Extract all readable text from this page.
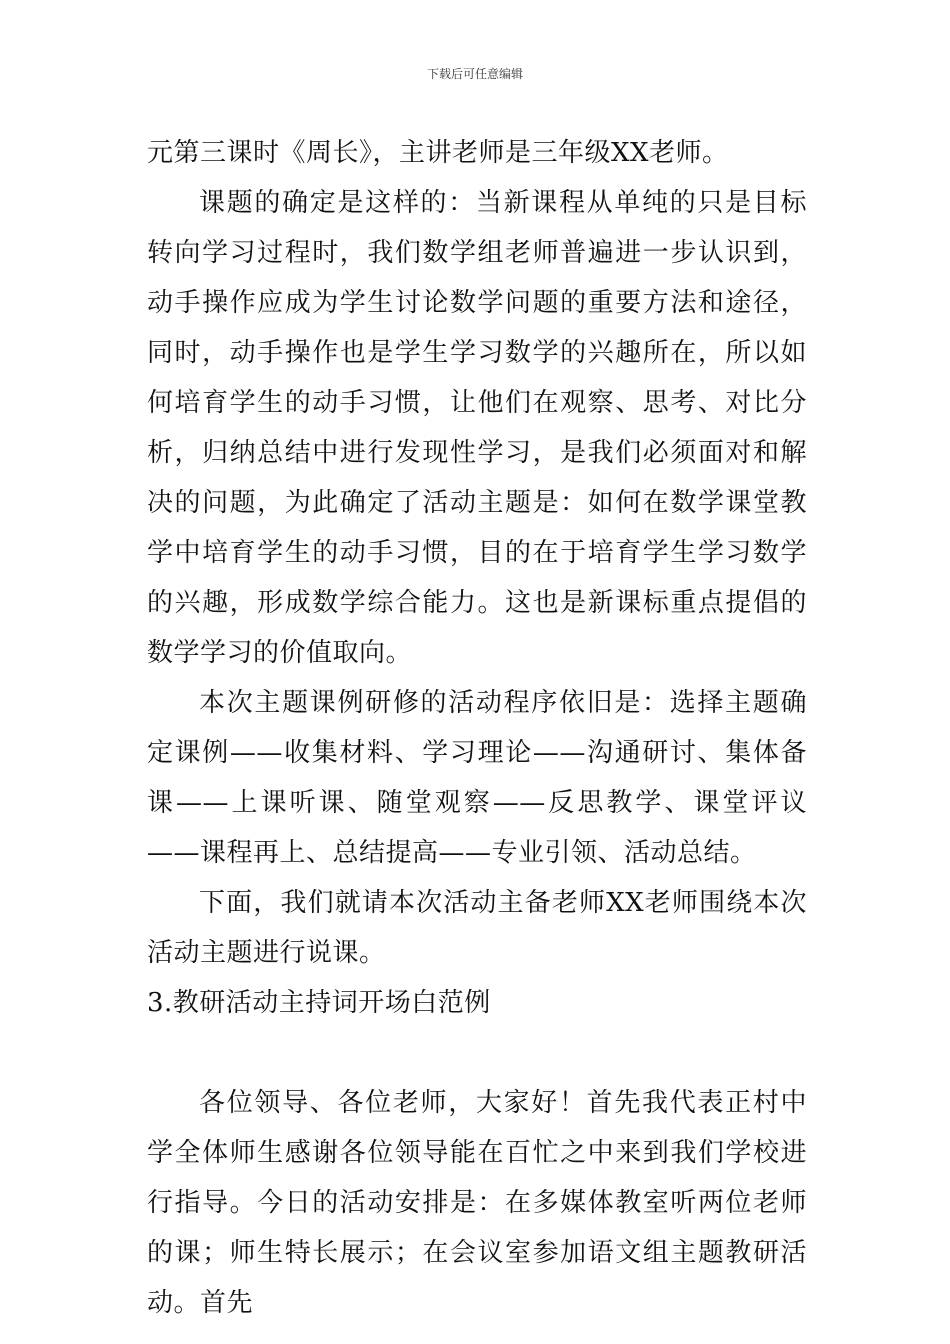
下载后可任意编辑

元第三课时《周长》，主讲老师是三年级XX老师。

课题的确定是这样的：当新课程从单纯的只是目标转向学习过程时，我们数学组老师普遍进一步认识到，动手操作应成为学生讨论数学问题的重要方法和途径，同时，动手操作也是学生学习数学的兴趣所在，所以如何培育学生的动手习惯，让他们在观察、思考、对比分析，归纳总结中进行发现性学习，是我们必须面对和解决的问题，为此确定了活动主题是：如何在数学课堂教学中培育学生的动手习惯，目的在于培育学生学习数学的兴趣，形成数学综合能力。这也是新课标重点提倡的数学学习的价值取向。

本次主题课例研修的活动程序依旧是：选择主题确定课例——收集材料、学习理论——沟通研讨、集体备课——上课听课、随堂观察——反思教学、课堂评议——课程再上、总结提高——专业引领、活动总结。

下面，我们就请本次活动主备老师XX老师围绕本次活动主题进行说课。

3.教研活动主持词开场白范例

各位领导、各位老师，大家好！首先我代表正村中学全体师生感谢各位领导能在百忙之中来到我们学校进行指导。今日的活动安排是：在多媒体教室听两位老师的课；师生特长展示；在会议室参加语文组主题教研活动。首先
